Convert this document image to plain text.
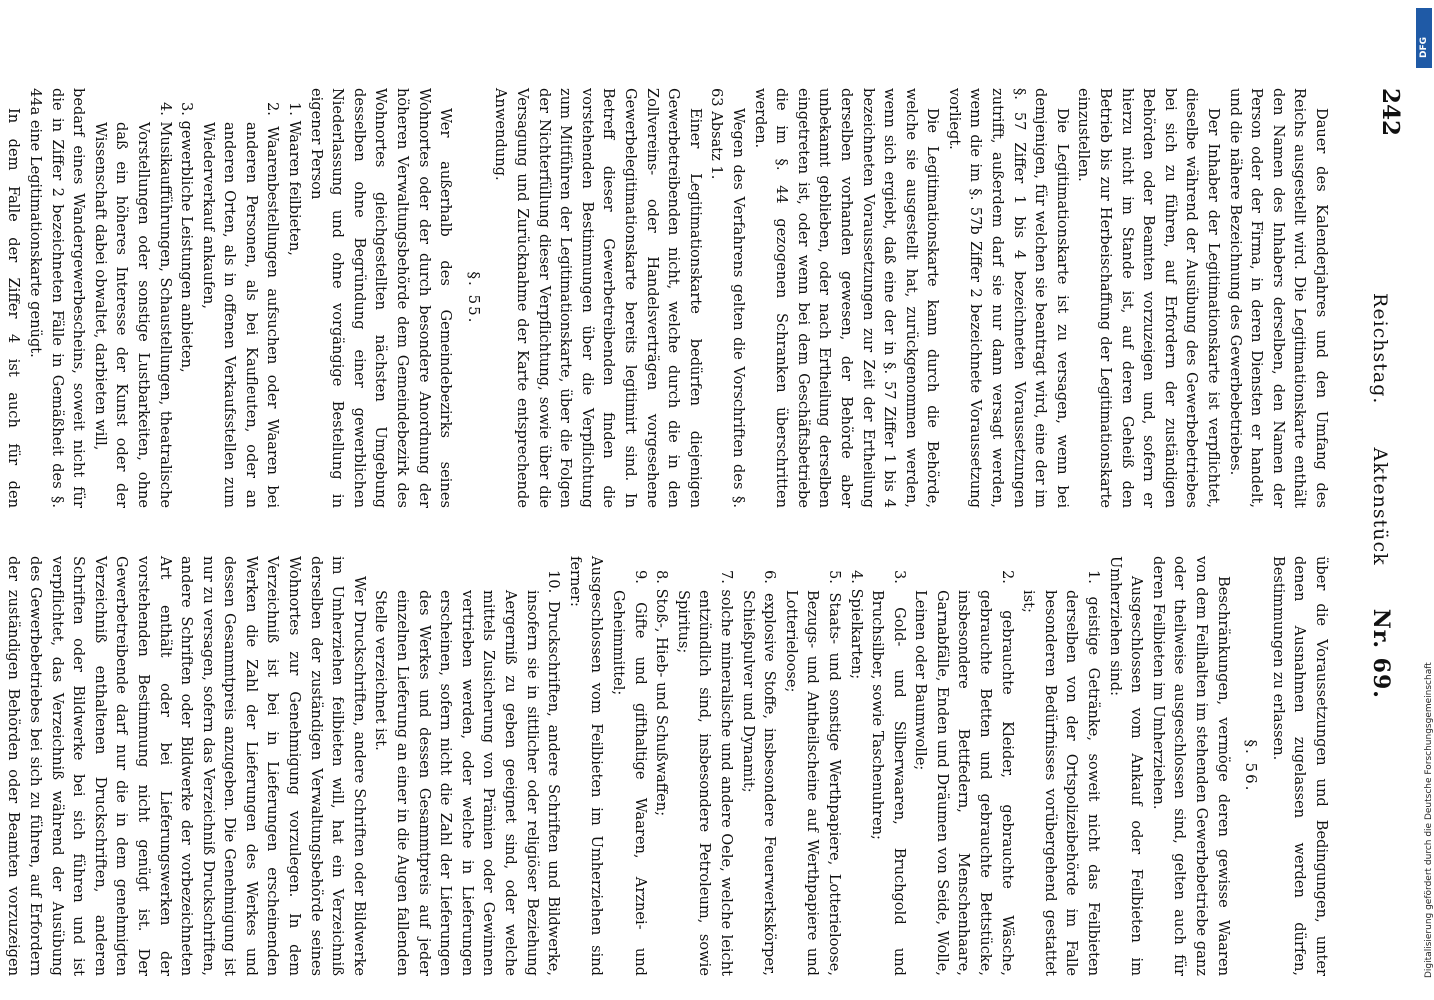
242
Reichstag. Aktenstück Nr. 69.

Dauer des Kalenderjahres und den Umfang des Reichs ausgestellt wird. Die Legitimationskarte enthält den Namen des Inhabers derselben, den Namen der Person oder der Firma, in deren Diensten er handelt, und die nähere Bezeichnung des Gewerbebetriebes.

Der Inhaber der Legitimationskarte ist verpflichtet, dieselbe während der Ausübung des Gewerbebetriebes bei sich zu führen, auf Erfordern der zuständigen Behörden oder Beamten vorzuzeigen und, sofern er hierzu nicht im Stande ist, auf deren Geheiß den Betrieb bis zur Herbeischaffung der Legitimationskarte einzustellen.

Die Legitimationskarte ist zu versagen, wenn bei demjenigen, für welchen sie beantragt wird, eine der im §. 57 Ziffer 1 bis 4 bezeichneten Voraussetzungen zutrifft, außerdem darf sie nur dann versagt werden, wenn die im §. 57b Ziffer 2 bezeichnete Voraussetzung vorliegt.

Die Legitimationskarte kann durch die Behörde, welche sie ausgestellt hat, zurückgenommen werden, wenn sich ergiebt, daß eine der in §. 57 Ziffer 1 bis 4 bezeichneten Voraussetzungen zur Zeit der Ertheilung derselben vorhanden gewesen, der Behörde aber unbekannt geblieben, oder nach Ertheilung derselben eingetreten ist, oder wenn bei dem Geschäftsbetriebe die im §. 44 gezogenen Schranken überschritten werden.

Wegen des Verfahrens gelten die Vorschriften des §. 63 Absatz 1.

Einer Legitimationskarte bedürfen diejenigen Gewerbetreibenden nicht, welche durch die in den Zollvereins- oder Handelsverträgen vorgesehene Gewerbelegitimationskarte bereits legitimirt sind. In Betreff dieser Gewerbetreibenden finden die vorstehenden Bestimmungen über die Verpflichtung zum Mitführen der Legitimationskarte, über die Folgen der Nichterfüllung dieser Verpflichtung, sowie über die Versagung und Zurücknahme der Karte entsprechende Anwendung.

§. 55.

Wer außerhalb des Gemeindebezirks seines Wohnortes oder der durch besondere Anordnung der höheren Verwaltungsbehörde dem Gemeindebezirk des Wohnortes gleichgestellten nächsten Umgebung desselben ohne Begründung einer gewerblichen Niederlassung und ohne vorgängige Bestellung in eigener Person

1. Waaren feilbieten,

2. Waarenbestellungen aufsuchen oder Waaren bei anderen Personen, als bei Kaufleuten, oder an anderen Orten, als in offenen Verkaufsstellen zum Wiederverkauf ankaufen,

3. gewerbliche Leistungen anbieten,

4. Musikaufführungen, Schaustellungen, theatralische Vorstellungen oder sonstige Lustbarkeiten, ohne daß ein höheres Interesse der Kunst oder der Wissenschaft dabei obwaltet, darbieten will,

bedarf eines Wandergewerbescheins, soweit nicht für die in Ziffer 2 bezeichneten Fälle in Gemäßheit des §. 44a eine Legitimationskarte genügt.

In dem Falle der Ziffer 4 ist auch für den

über die Voraussetzungen und Bedingungen, unter denen Ausnahmen zugelassen werden dürfen, Bestimmungen zu erlassen.

§. 56.

Beschränkungen, vermöge deren gewisse Waaren von dem Feilhalten im stehenden Gewerbebetriebe ganz oder theilweise ausgeschlossen sind, gelten auch für deren Feilbieten im Umherziehen.

Ausgeschlossen vom Ankauf oder Feilbieten im Umherziehen sind:

1. geistige Getränke, soweit nicht das Feilbieten derselben von der Ortspolizeibehörde im Falle besonderen Bedürfnisses vorübergehend gestattet ist;

2. gebrauchte Kleider, gebrauchte Wäsche, gebrauchte Betten und gebrauchte Bettstücke, insbesondere Bettfedern, Menschenhaare, Garnabfälle, Enden und Dräumen von Seide, Wolle, Leinen oder Baumwolle;

3. Gold- und Silberwaaren, Bruchgold und Bruchsilber, sowie Taschenuhren;

4. Spielkarten;

5. Staats- und sonstige Werthpapiere, Lotterieloose, Bezugs- und Antheilscheine auf Werthpapiere und Lotterieloose;

6. explosive Stoffe, insbesondere Feuerwerkskörper, Schießpulver und Dynamit;

7. solche mineralische und andere Oele, welche leicht entzündlich sind, insbesondere Petroleum, sowie Spiritus;

8. Stoß-, Hieb- und Schußwaffen;

9. Gifte und gifthaltige Waaren, Arznei- und Geheimmittel;

Ausgeschlossen vom Feilbieten im Umherziehen sind ferner:

10. Druckschriften, andere Schriften und Bildwerke, insofern sie in sittlicher oder religiöser Beziehung Aergerniß zu geben geeignet sind, oder welche mittels Zusicherung von Prämien oder Gewinnen vertrieben werden, oder welche in Lieferungen erscheinen, sofern nicht die Zahl der Lieferungen des Werkes und dessen Gesammtpreis auf jeder einzelnen Lieferung an einer in die Augen fallenden Stelle verzeichnet ist.

Wer Druckschriften, andere Schriften oder Bildwerke im Umherziehen feilbieten will, hat ein Verzeichniß derselben der zuständigen Verwaltungsbehörde seines Wohnortes zur Genehmigung vorzulegen. In dem Verzeichniß ist bei in Lieferungen erscheinenden Werken die Zahl der Lieferungen des Werkes und dessen Gesammtpreis anzugeben. Die Genehmigung ist nur zu versagen, sofern das Verzeichniß Druckschriften, andere Schriften oder Bildwerke der vorbezeichneten Art enthält oder bei Lieferungswerken der vorstehenden Bestimmung nicht genügt ist. Der Gewerbetreibende darf nur die in dem genehmigten Verzeichniß enthaltenen Druckschriften, anderen Schriften oder Bildwerke bei sich führen und ist verpflichtet, das Verzeichniß während der Ausübung des Gewerbebetriebes bei sich zu führen, auf Erfordern der zuständigen Behörden oder Beamten vorzuzeigen

DFG
Digitalisierung gefördert durch die Deutsche Forschungsgemeinschaft
